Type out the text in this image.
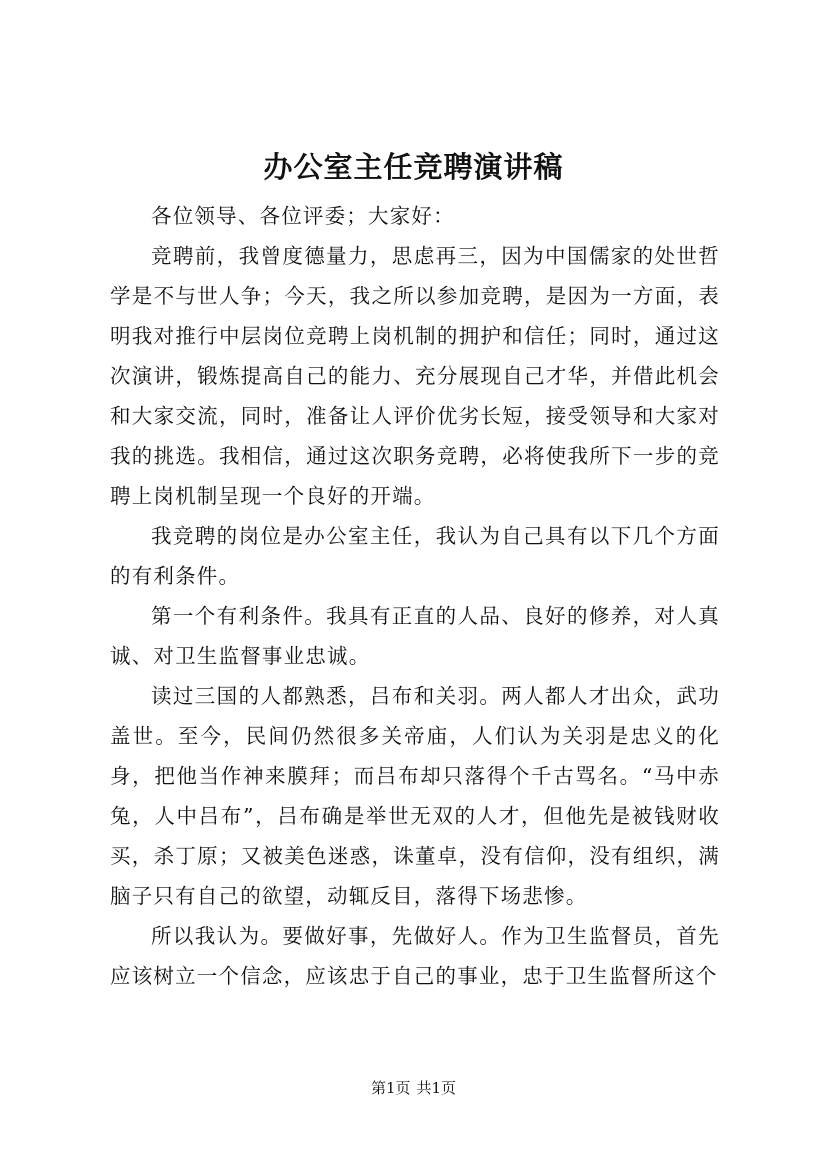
办公室主任竞聘演讲稿

各位领导、各位评委；大家好：

竞聘前，我曾度德量力，思虑再三，因为中国儒家的处世哲学是不与世人争；今天，我之所以参加竞聘，是因为一方面，表明我对推行中层岗位竞聘上岗机制的拥护和信任；同时，通过这次演讲，锻炼提高自己的能力、充分展现自己才华，并借此机会和大家交流，同时，准备让人评价优劣长短，接受领导和大家对我的挑选。我相信，通过这次职务竞聘，必将使我所下一步的竞聘上岗机制呈现一个良好的开端。

我竞聘的岗位是办公室主任，我认为自己具有以下几个方面的有利条件。

第一个有利条件。我具有正直的人品、良好的修养，对人真诚、对卫生监督事业忠诚。

读过三国的人都熟悉，吕布和关羽。两人都人才出众，武功盖世。至今，民间仍然很多关帝庙，人们认为关羽是忠义的化身，把他当作神来膜拜；而吕布却只落得个千古骂名。“马中赤兔，人中吕布”，吕布确是举世无双的人才，但他先是被钱财收买，杀丁原；又被美色迷惑，诛董卓，没有信仰，没有组织，满脑子只有自己的欲望，动辄反目，落得下场悲惨。

所以我认为。要做好事，先做好人。作为卫生监督员，首先应该树立一个信念，应该忠于自己的事业，忠于卫生监督所这个

第1页 共1页
